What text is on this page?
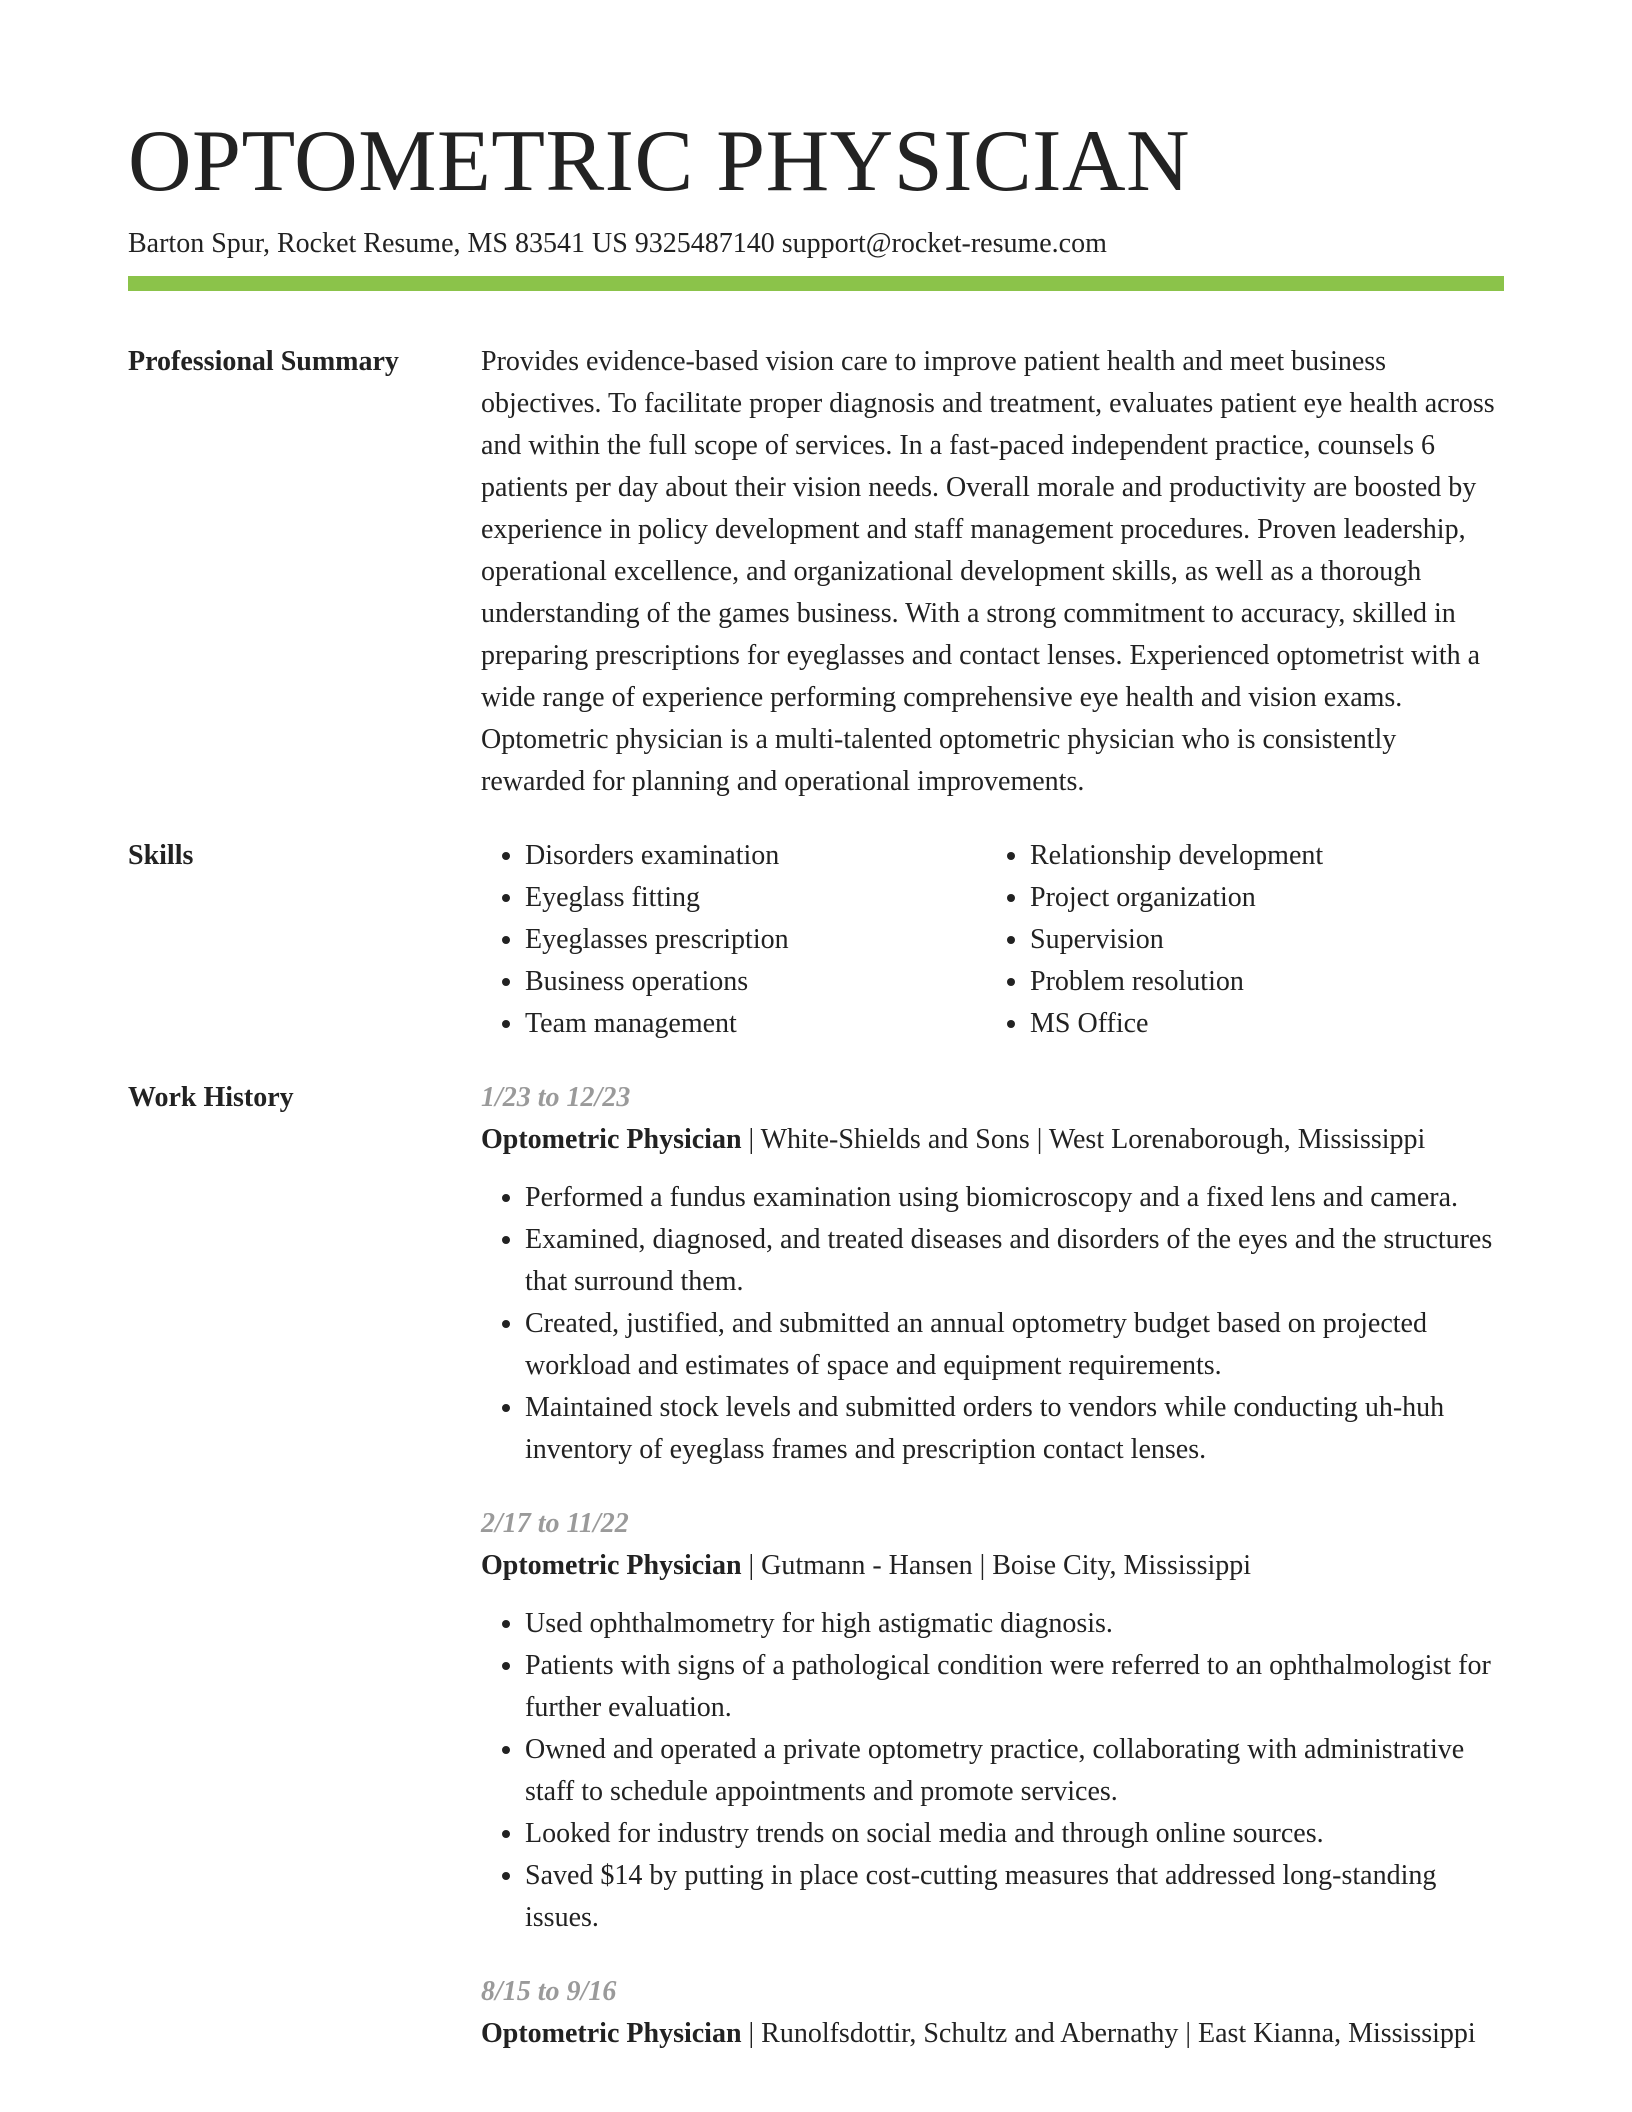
OPTOMETRIC PHYSICIAN
Barton Spur, Rocket Resume, MS 83541 US 9325487140 support@rocket-resume.com
Professional Summary	Provides evidence-based vision care to improve patient health and meet business objectives. To facilitate proper diagnosis and treatment, evaluates patient eye health across and within the full scope of services. In a fast-paced independent practice, counsels 6 patients per day about their vision needs. Overall morale and productivity are boosted by experience in policy development and staff management procedures. Proven leadership, operational excellence, and organizational development skills, as well as a thorough understanding of the games business. With a strong commitment to accuracy, skilled in preparing prescriptions for eyeglasses and contact lenses. Experienced optometrist with a wide range of experience performing comprehensive eye health and vision exams. Optometric physician is a multi-talented optometric physician who is consistently rewarded for planning and operational improvements.
Skills
•	Disorders examination
• Eyeglass fitting
• Eyeglasses prescription
• Business operations
• Team management
• Relationship development
• Project organization
• Supervision
• Problem resolution
• MS Office
Work History	1/23 to 12/23
Optometric Physician | White-Shields and Sons | West Lorenaborough, Mississippi
• Performed a fundus examination using biomicroscopy and a fixed lens and camera.
• Examined, diagnosed, and treated diseases and disorders of the eyes and the structures that surround them.
• Created, justified, and submitted an annual optometry budget based on projected workload and estimates of space and equipment requirements.
• Maintained stock levels and submitted orders to vendors while conducting uh-huh inventory of eyeglass frames and prescription contact lenses.
2/17 to 11/22
Optometric Physician | Gutmann - Hansen | Boise City, Mississippi
• Used ophthalmometry for high astigmatic diagnosis.
• Patients with signs of a pathological condition were referred to an ophthalmologist for further evaluation.
• Owned and operated a private optometry practice, collaborating with administrative staff to schedule appointments and promote services.
• Looked for industry trends on social media and through online sources.
• Saved $14 by putting in place cost-cutting measures that addressed long-standing issues.
8/15 to 9/16
Optometric Physician | Runolfsdottir, Schultz and Abernathy | East Kianna, Mississippi
